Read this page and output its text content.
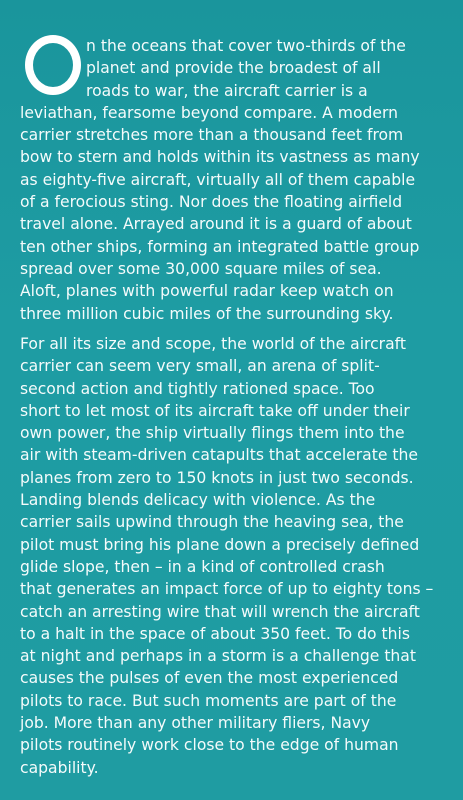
n the oceans that cover two-thirds of the
planet and provide the broadest of all
roads to war, the aircraft carrier is a
leviathan, fearsome beyond compare. A modern
carrier stretches more than a thousand feet from
bow to stern and holds within its vastness as many
as eighty-five aircraft, virtually all of them capable
of a ferocious sting. Nor does the floating airfield
travel alone. Arrayed around it is a guard of about
ten other ships, forming an integrated battle group
spread over some 30,000 square miles of sea.
Aloft, planes with powerful radar keep watch on
three million cubic miles of the surrounding sky.

For all its size and scope, the world of the aircraft
carrier can seem very small, an arena of split-
second action and tightly rationed space. Too
short to let most of its aircraft take off under their
own power, the ship virtually flings them into the
air with steam-driven catapults that accelerate the
planes from zero to 150 knots in just two seconds.
Landing blends delicacy with violence. As the
carrier sails upwind through the heaving sea, the
pilot must bring his plane down a precisely defined
glide slope, then – in a kind of controlled crash
that generates an impact force of up to eighty tons –
catch an arresting wire that will wrench the aircraft
to a halt in the space of about 350 feet. To do this
at night and perhaps in a storm is a challenge that
causes the pulses of even the most experienced
pilots to race. But such moments are part of the
job. More than any other military fliers, Navy
pilots routinely work close to the edge of human
capability.
